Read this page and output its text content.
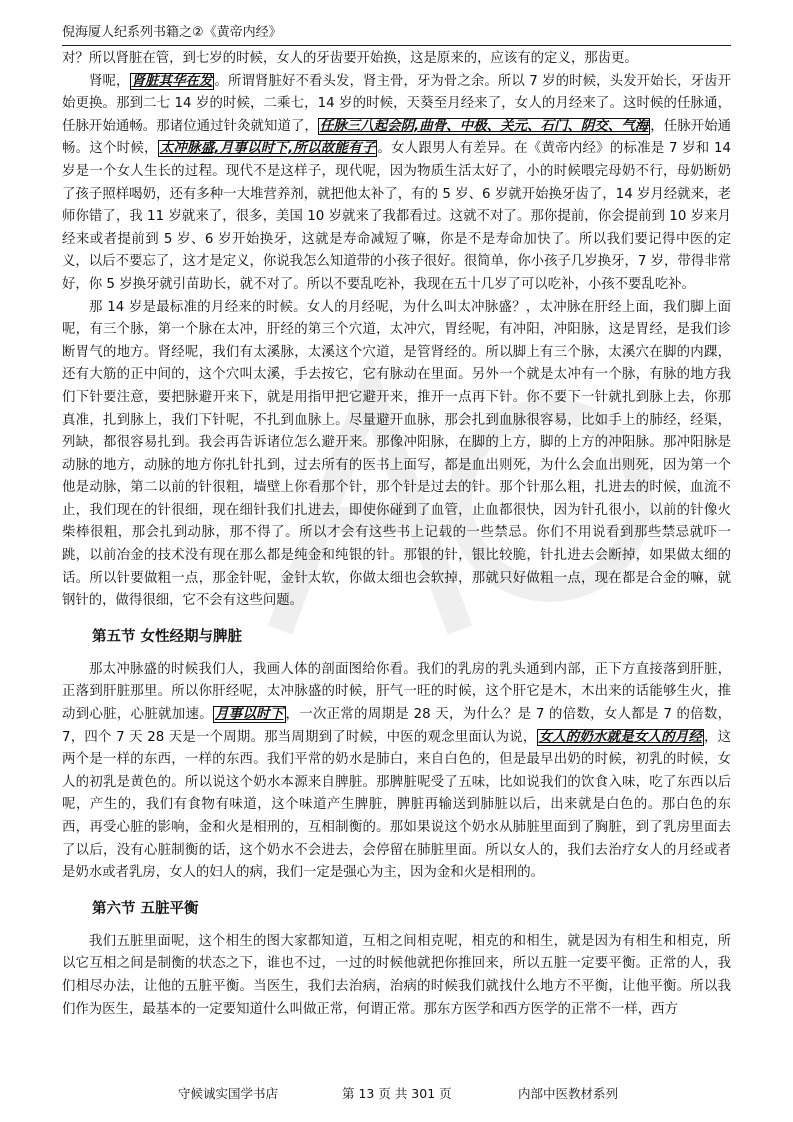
倪海厦人纪系列书籍之②《黄帝内经》

对？所以肾脏在管，到七岁的时候，女人的牙齿要开始换，这是原来的，应该有的定义，那齿更。

肾呢， 肾脏其华在发 。所谓肾脏好不看头发，肾主骨，牙为骨之余。所以 7 岁的时候，头发开始长，牙齿开始更换。那到二七 14 岁的时候，二乘七，14 岁的时候，天葵至月经来了，女人的月经来了。这时候的任脉通，任脉开始通畅。那诸位通过针灸就知道了， 任脉三八起会阴,曲骨、中极、关元、石门、阴交、气海 ，任脉开始通畅。这个时候， 太冲脉盛,月事以时下,所以故能有子 。女人跟男人有差异。在《黄帝内经》的标准是 7 岁和 14 岁是一个女人生长的过程。现代不是这样子，现代呢，因为物质生活太好了，小的时候喂完母奶不行，母奶断奶了孩子照样喝奶，还有多种一大堆营养剂，就把他太补了，有的 5 岁、6 岁就开始换牙齿了，14 岁月经就来，老师你错了，我 11 岁就来了，很多，美国 10 岁就来了我都看过。这就不对了。那你提前，你会提前到 10 岁来月经来或者提前到 5 岁、6 岁开始换牙，这就是寿命减短了嘛，你是不是寿命加快了。所以我们要记得中医的定义，以后不要忘了，这才是定义，你说我怎么知道带的小孩子很好。很简单，你小孩子几岁换牙，7 岁，带得非常好，你 5 岁换牙就引苗助长，就不对了。所以不要乱吃补，我现在五十几岁了可以吃补，小孩不要乱吃补。

那 14 岁是最标准的月经来的时候。女人的月经呢，为什么叫太冲脉盛？，太冲脉在肝经上面，我们脚上面呢，有三个脉，第一个脉在太冲，肝经的第三个穴道，太冲穴，胃经呢，有冲阳，冲阳脉，这是胃经，是我们诊断胃气的地方。肾经呢，我们有太溪脉，太溪这个穴道，是管肾经的。所以脚上有三个脉，太溪穴在脚的内踝，还有大筋的正中间的，这个穴叫太溪，手去按它，它有脉动在里面。另外一个就是太冲有一个脉，有脉的地方我们下针要注意，要把脉避开来下，就是用指甲把它避开来，推开一点再下针。你不要下一针就扎到脉上去，你那真准，扎到脉上，我们下针呢，不扎到血脉上。尽量避开血脉，那会扎到血脉很容易，比如手上的肺经，经渠，列缺，都很容易扎到。我会再告诉诸位怎么避开来。那像冲阳脉，在脚的上方，脚的上方的冲阳脉。那冲阳脉是动脉的地方，动脉的地方你扎针扎到，过去所有的医书上面写，都是血出则死，为什么会血出则死，因为第一个他是动脉，第二以前的针很粗，墙壁上你看那个针，那个针是过去的针。那个针那么粗，扎进去的时候，血流不止，我们现在的针很细，现在细针我们扎进去，即使你碰到了血管，止血都很快，因为针孔很小，以前的针像火柴棒很粗，那会扎到动脉，那不得了。所以才会有这些书上记载的一些禁忌。你们不用说看到那些禁忌就吓一跳，以前冶金的技术没有现在那么都是纯金和纯银的针。那银的针，银比较脆，针扎进去会断掉，如果做太细的话。所以针要做粗一点，那金针呢，金针太软，你做太细也会软掉，那就只好做粗一点，现在都是合金的嘛，就钢针的，做得很细，它不会有这些问题。

第五节 女性经期与脾脏

那太冲脉盛的时候我们人，我画人体的剖面图给你看。我们的乳房的乳头通到内部，正下方直接落到肝脏，正落到肝脏那里。所以你肝经呢，太冲脉盛的时候，肝气一旺的时候，这个肝它是木，木出来的话能够生火，推动到心脏，心脏就加速。 月事以时下 ，一次正常的周期是 28 天，为什么？是 7 的倍数，女人都是 7 的倍数，7，四个 7 天 28 天是一个周期。那当周期到了时候，中医的观念里面认为说， 女人的奶水就是女人的月经 ，这两个是一样的东西，一样的东西。我们平常的奶水是肺白，来自白色的，但是最早出奶的时候，初乳的时候，女人的初乳是黄色的。所以说这个奶水本源来自脾脏。那脾脏呢受了五味，比如说我们的饮食入味，吃了东西以后呢，产生的，我们有食物有味道，这个味道产生脾脏，脾脏再输送到肺脏以后，出来就是白色的。那白色的东西，再受心脏的影响，金和火是相刑的，互相制衡的。那如果说这个奶水从肺脏里面到了胸脏，到了乳房里面去了以后，没有心脏制衡的话，这个奶水不会进去，会停留在肺脏里面。所以女人的，我们去治疗女人的月经或者是奶水或者乳房，女人的妇人的病，我们一定是强心为主，因为金和火是相刑的。

第六节 五脏平衡

我们五脏里面呢，这个相生的图大家都知道，互相之间相克呢，相克的和相生，就是因为有相生和相克，所以它互相之间是制衡的状态之下，谁也不过，一过的时候他就把你推回来，所以五脏一定要平衡。正常的人，我们相尽办法，让他的五脏平衡。当医生，我们去治病，治病的时候我们就找什么地方不平衡，让他平衡。所以我们作为医生，最基本的一定要知道什么叫做正常，何谓正常。那东方医学和西方医学的正常不一样，西方

守候诚实国学书店	第 13 页 共 301 页	内部中医教材系列
